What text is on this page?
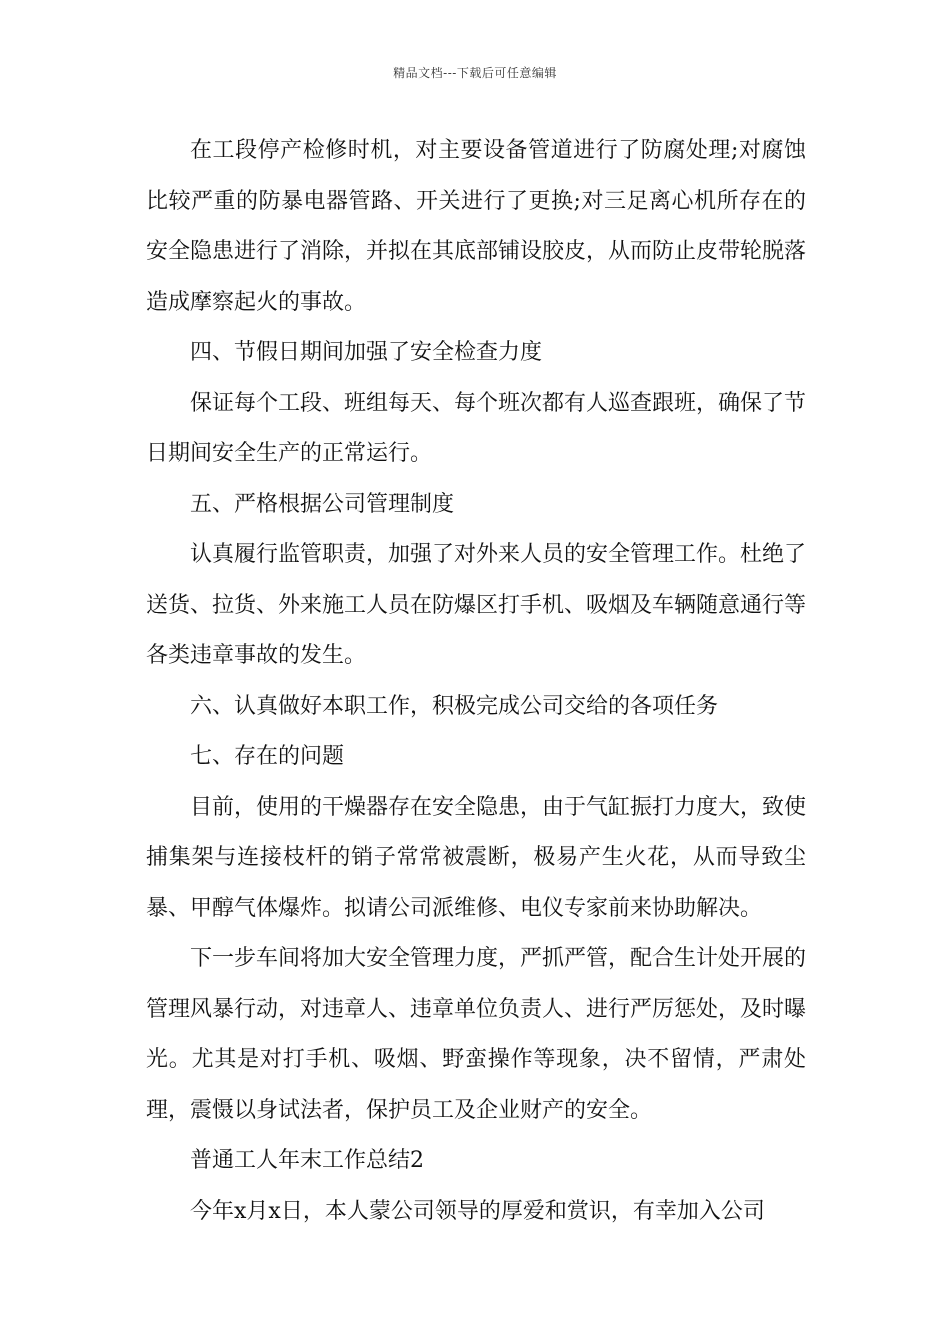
精品文档---下载后可任意编辑

在工段停产检修时机，对主要设备管道进行了防腐处理;对腐蚀比较严重的防暴电器管路、开关进行了更换;对三足离心机所存在的安全隐患进行了消除，并拟在其底部铺设胶皮，从而防止皮带轮脱落造成摩察起火的事故。

四、节假日期间加强了安全检查力度

保证每个工段、班组每天、每个班次都有人巡查跟班，确保了节日期间安全生产的正常运行。

五、严格根据公司管理制度

认真履行监管职责，加强了对外来人员的安全管理工作。杜绝了送货、拉货、外来施工人员在防爆区打手机、吸烟及车辆随意通行等各类违章事故的发生。

六、认真做好本职工作，积极完成公司交给的各项任务

七、存在的问题

目前，使用的干燥器存在安全隐患，由于气缸振打力度大，致使捕集架与连接枝杆的销子常常被震断，极易产生火花，从而导致尘暴、甲醇气体爆炸。拟请公司派维修、电仪专家前来协助解决。

下一步车间将加大安全管理力度，严抓严管，配合生计处开展的管理风暴行动，对违章人、违章单位负责人、进行严厉惩处，及时曝光。尤其是对打手机、吸烟、野蛮操作等现象，决不留情，严肃处理，震慑以身试法者，保护员工及企业财产的安全。

普通工人年末工作总结2

今年x月x日，本人蒙公司领导的厚爱和赏识，有幸加入公司
